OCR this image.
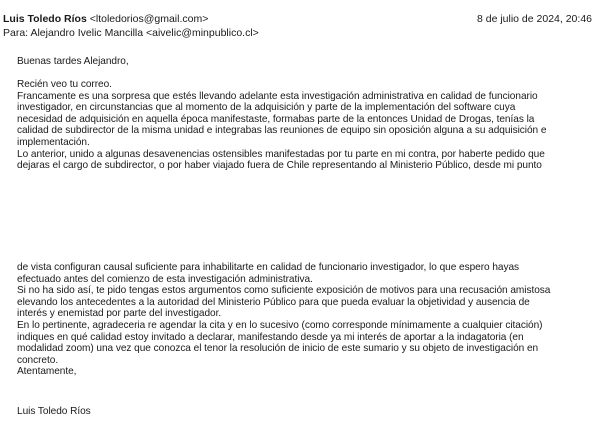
Luis Toledo Ríos <ltoledorios@gmail.com>	8 de julio de 2024, 20:46
Para: Alejandro Ivelic Mancilla <aivelic@minpublico.cl>

Buenas tardes Alejandro,

Recién veo tu correo.

Francamente es una sorpresa que estés llevando adelante esta investigación administrativa en calidad de funcionario

investigador, en circunstancias que al momento de la adquisición y parte de la implementación del software cuya

necesidad de adquisición en aquella época manifestaste, formabas parte de la entonces Unidad de Drogas, tenías la

calidad de subdirector de la misma unidad e integrabas las reuniones de equipo sin oposición alguna a su adquisición e

implementación.

Lo anterior, unido a algunas desavenencias ostensibles manifestadas por tu parte en mi contra, por haberte pedido que

dejaras el cargo de subdirector, o por haber viajado fuera de Chile representando al Ministerio Público, desde mi punto

de vista configuran causal suficiente para inhabilitarte en calidad de funcionario investigador, lo que espero hayas

efectuado antes del comienzo de esta investigación administrativa.

Si no ha sido así, te pido tengas estos argumentos como suficiente exposición de motivos para una recusación amistosa

elevando los antecedentes a la autoridad del Ministerio Público para que pueda evaluar la objetividad y ausencia de

interés y enemistad por parte del investigador.

En lo pertinente, agradeceria re agendar la cita y en lo sucesivo (como corresponde mínimamente a cualquier citación)

indiques en qué calidad estoy invitado a declarar, manifestando desde ya mi interés de aportar a la indagatoria (en

modalidad zoom) una vez que conozca el tenor la resolución de inicio de este sumario y su objeto de investigación en

concreto.

Atentamente,

Luis Toledo Ríos
